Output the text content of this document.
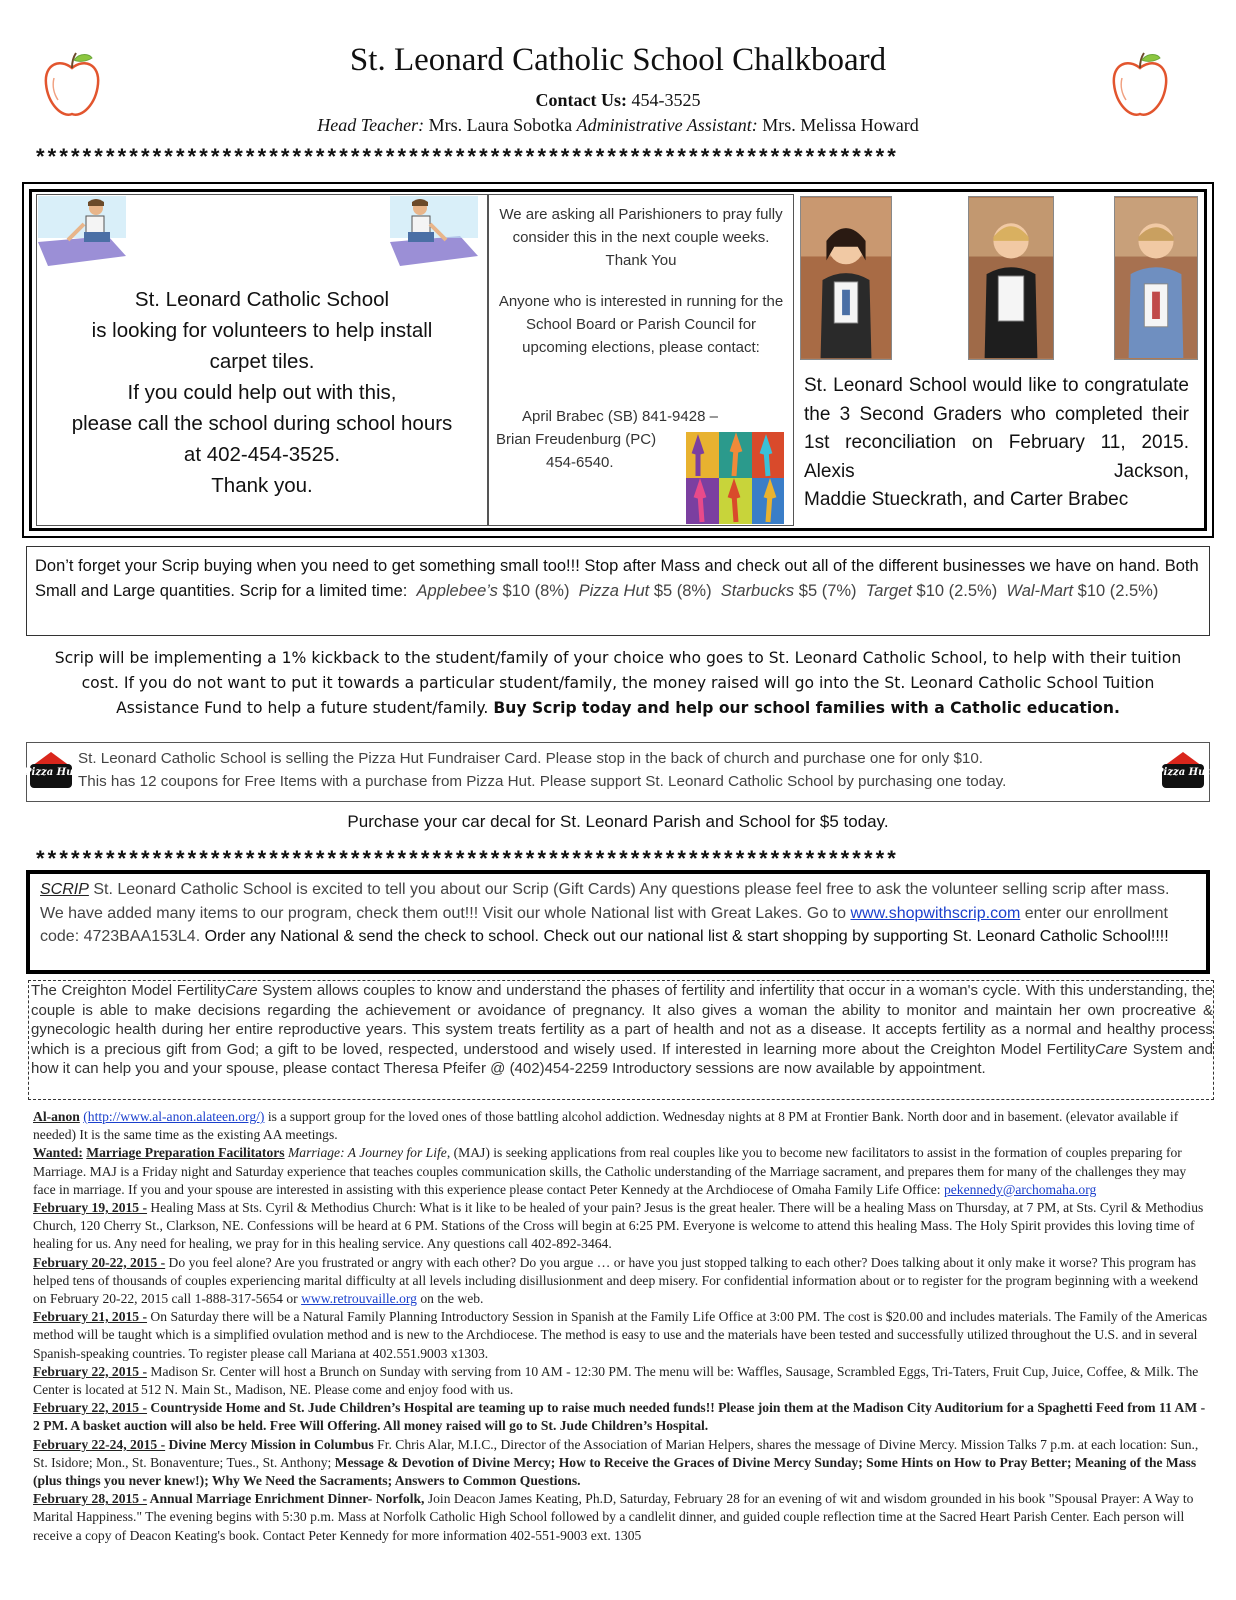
St. Leonard Catholic School Chalkboard
Contact Us: 454-3525
Head Teacher: Mrs. Laura Sobotka Administrative Assistant: Mrs. Melissa Howard
**************************************************************************
St. Leonard Catholic School
is looking for volunteers to help install
carpet tiles.
If you could help out with this,
please call the school during school hours
at 402-454-3525.
Thank you.
We are asking all Parishioners to pray fully consider this in the next couple weeks. Thank You
Anyone who is interested in running for the School Board or Parish Council for upcoming elections, please contact:
April Brabec (SB) 841-9428 –
Brian Freudenburg (PC)
454-6540.
St. Leonard School would like to congratulate the 3 Second Graders who completed their 1st reconciliation on February 11, 2015. Alexis Jackson,
Maddie Stueckrath, and Carter Brabec
Don’t forget your Scrip buying when you need to get something small too!!! Stop after Mass and check out all of the different businesses we have on hand. Both Small and Large quantities. Scrip for a limited time: Applebee’s $10 (8%) Pizza Hut $5 (8%) Starbucks $5 (7%) Target $10 (2.5%) Wal-Mart $10 (2.5%)
Scrip will be implementing a 1% kickback to the student/family of your choice who goes to St. Leonard Catholic School, to help with their tuition cost. If you do not want to put it towards a particular student/family, the money raised will go into the St. Leonard Catholic School Tuition Assistance Fund to help a future student/family. Buy Scrip today and help our school families with a Catholic education.
Pizza Hut	Pizza Hut
St. Leonard Catholic School is selling the Pizza Hut Fundraiser Card. Please stop in the back of church and purchase one for only $10.
This has 12 coupons for Free Items with a purchase from Pizza Hut. Please support St. Leonard Catholic School by purchasing one today.
Purchase your car decal for St. Leonard Parish and School for $5 today.
**************************************************************************
SCRIP St. Leonard Catholic School is excited to tell you about our Scrip (Gift Cards) Any questions please feel free to ask the volunteer selling scrip after mass. We have added many items to our program, check them out!!! Visit our whole National list with Great Lakes. Go to www.shopwithscrip.com enter our enrollment code: 4723BAA153L4. Order any National & send the check to school. Check out our national list & start shopping by supporting St. Leonard Catholic School!!!!
The Creighton Model FertilityCare System allows couples to know and understand the phases of fertility and infertility that occur in a woman's cycle. With this understanding, the couple is able to make decisions regarding the achievement or avoidance of pregnancy. It also gives a woman the ability to monitor and maintain her own procreative & gynecologic health during her entire reproductive years. This system treats fertility as a part of health and not as a disease. It accepts fertility as a normal and healthy process which is a precious gift from God; a gift to be loved, respected, understood and wisely used. If interested in learning more about the Creighton Model FertilityCare System and how it can help you and your spouse, please contact Theresa Pfeifer @ (402)454-2259 Introductory sessions are now available by appointment.

Al-anon (http://www.al-anon.alateen.org/) is a support group for the loved ones of those battling alcohol addiction. Wednesday nights at 8 PM at Frontier Bank. North door and in basement. (elevator available if needed) It is the same time as the existing AA meetings.

Wanted: Marriage Preparation Facilitators Marriage: A Journey for Life, (MAJ) is seeking applications from real couples like you to become new facilitators to assist in the formation of couples preparing for Marriage. MAJ is a Friday night and Saturday experience that teaches couples communication skills, the Catholic understanding of the Marriage sacrament, and prepares them for many of the challenges they may face in marriage. If you and your spouse are interested in assisting with this experience please contact Peter Kennedy at the Archdiocese of Omaha Family Life Office: pekennedy@archomaha.org

February 19, 2015 - Healing Mass at Sts. Cyril & Methodius Church: What is it like to be healed of your pain? Jesus is the great healer. There will be a healing Mass on Thursday, at 7 PM, at Sts. Cyril & Methodius Church, 120 Cherry St., Clarkson, NE. Confessions will be heard at 6 PM. Stations of the Cross will begin at 6:25 PM. Everyone is welcome to attend this healing Mass. The Holy Spirit provides this loving time of healing for us. Any need for healing, we pray for in this healing service. Any questions call 402-892-3464.

February 20-22, 2015 - Do you feel alone? Are you frustrated or angry with each other? Do you argue … or have you just stopped talking to each other? Does talking about it only make it worse? This program has helped tens of thousands of couples experiencing marital difficulty at all levels including disillusionment and deep misery. For confidential information about or to register for the program beginning with a weekend on February 20-22, 2015 call 1-888-317-5654 or www.retrouvaille.org on the web.

February 21, 2015 - On Saturday there will be a Natural Family Planning Introductory Session in Spanish at the Family Life Office at 3:00 PM. The cost is $20.00 and includes materials. The Family of the Americas method will be taught which is a simplified ovulation method and is new to the Archdiocese. The method is easy to use and the materials have been tested and successfully utilized throughout the U.S. and in several Spanish-speaking countries. To register please call Mariana at 402.551.9003 x1303.

February 22, 2015 - Madison Sr. Center will host a Brunch on Sunday with serving from 10 AM - 12:30 PM. The menu will be: Waffles, Sausage, Scrambled Eggs, Tri-Taters, Fruit Cup, Juice, Coffee, & Milk. The Center is located at 512 N. Main St., Madison, NE. Please come and enjoy food with us.

February 22, 2015 - Countryside Home and St. Jude Children’s Hospital are teaming up to raise much needed funds!! Please join them at the Madison City Auditorium for a Spaghetti Feed from 11 AM - 2 PM. A basket auction will also be held. Free Will Offering. All money raised will go to St. Jude Children’s Hospital.

February 22-24, 2015 - Divine Mercy Mission in Columbus Fr. Chris Alar, M.I.C., Director of the Association of Marian Helpers, shares the message of Divine Mercy. Mission Talks 7 p.m. at each location: Sun., St. Isidore; Mon., St. Bonaventure; Tues., St. Anthony; Message & Devotion of Divine Mercy; How to Receive the Graces of Divine Mercy Sunday; Some Hints on How to Pray Better; Meaning of the Mass (plus things you never knew!); Why We Need the Sacraments; Answers to Common Questions.

February 28, 2015 - Annual Marriage Enrichment Dinner- Norfolk, Join Deacon James Keating, Ph.D, Saturday, February 28 for an evening of wit and wisdom grounded in his book "Spousal Prayer: A Way to Marital Happiness." The evening begins with 5:30 p.m. Mass at Norfolk Catholic High School followed by a candlelit dinner, and guided couple reflection time at the Sacred Heart Parish Center. Each person will receive a copy of Deacon Keating's book. Contact Peter Kennedy for more information 402-551-9003 ext. 1305
